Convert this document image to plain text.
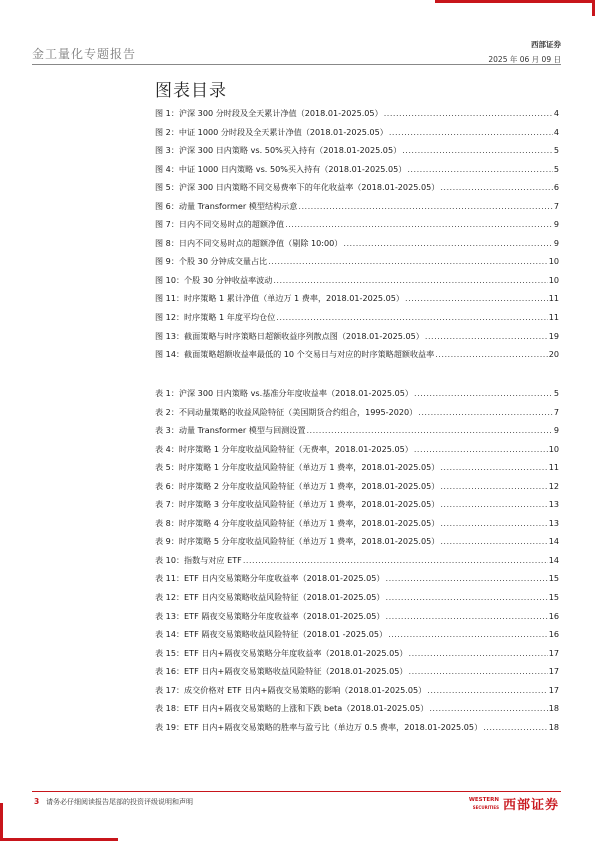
金工量化专题报告
西部证券
2025 年 06 月 09 日
图表目录
图 1：沪深 300 分时段及全天累计净值（2018.01-2025.05） .....	4
图 2：中证 1000 分时段及全天累计净值（2018.01-2025.05） .....	4
图 3：沪深 300 日内策略 vs. 50%买入持有（2018.01-2025.05） .....	5
图 4：中证 1000 日内策略 vs. 50%买入持有（2018.01-2025.05） .....	5
图 5：沪深 300 日内策略不同交易费率下的年化收益率（2018.01-2025.05） .....	6
图 6：动量 Transformer 模型结构示意 .....	7
图 7：日内不同交易时点的超额净值 .....	9
图 8：日内不同交易时点的超额净值（剔除 10:00） .....	9
图 9：个股 30 分钟成交量占比 .....	10
图 10：个股 30 分钟收益率波动 .....	10
图 11：时序策略 1 累计净值（单边万 1 费率，2018.01-2025.05） .....	11
图 12：时序策略 1 年度平均仓位 .....	11
图 13：截面策略与时序策略日超额收益序列散点图（2018.01-2025.05） .....	19
图 14：截面策略超额收益率最低的 10 个交易日与对应的时序策略超额收益率 .....	20
表 1：沪深 300 日内策略 vs.基准分年度收益率（2018.01-2025.05） .....	5
表 2：不同动量策略的收益风险特征（美国期货合约组合，1995-2020） .....	7
表 3：动量 Transformer 模型与回测设置 .....	9
表 4：时序策略 1 分年度收益风险特征（无费率，2018.01-2025.05） .....	10
表 5：时序策略 1 分年度收益风险特征（单边万 1 费率，2018.01-2025.05） .....	11
表 6：时序策略 2 分年度收益风险特征（单边万 1 费率，2018.01-2025.05） .....	12
表 7：时序策略 3 分年度收益风险特征（单边万 1 费率，2018.01-2025.05） .....	13
表 8：时序策略 4 分年度收益风险特征（单边万 1 费率，2018.01-2025.05） .....	13
表 9：时序策略 5 分年度收益风险特征（单边万 1 费率，2018.01-2025.05） .....	14
表 10：指数与对应 ETF .....	14
表 11：ETF 日内交易策略分年度收益率（2018.01-2025.05） .....	15
表 12：ETF 日内交易策略收益风险特征（2018.01-2025.05） .....	15
表 13：ETF 隔夜交易策略分年度收益率（2018.01-2025.05） .....	16
表 14：ETF 隔夜交易策略收益风险特征（2018.01 -2025.05） .....	16
表 15：ETF 日内+隔夜交易策略分年度收益率（2018.01-2025.05） .....	17
表 16：ETF 日内+隔夜交易策略收益风险特征（2018.01-2025.05） .....	17
表 17：成交价格对 ETF 日内+隔夜交易策略的影响（2018.01-2025.05） .....	17
表 18：ETF 日内+隔夜交易策略的上涨和下跌 beta（2018.01-2025.05） .....	18
表 19：ETF 日内+隔夜交易策略的胜率与盈亏比（单边万 0.5 费率，2018.01-2025.05） .....	18
3 请务必仔细阅读报告尾部的投资评级说明和声明	WESTERN
SECURITIES 西部证券
